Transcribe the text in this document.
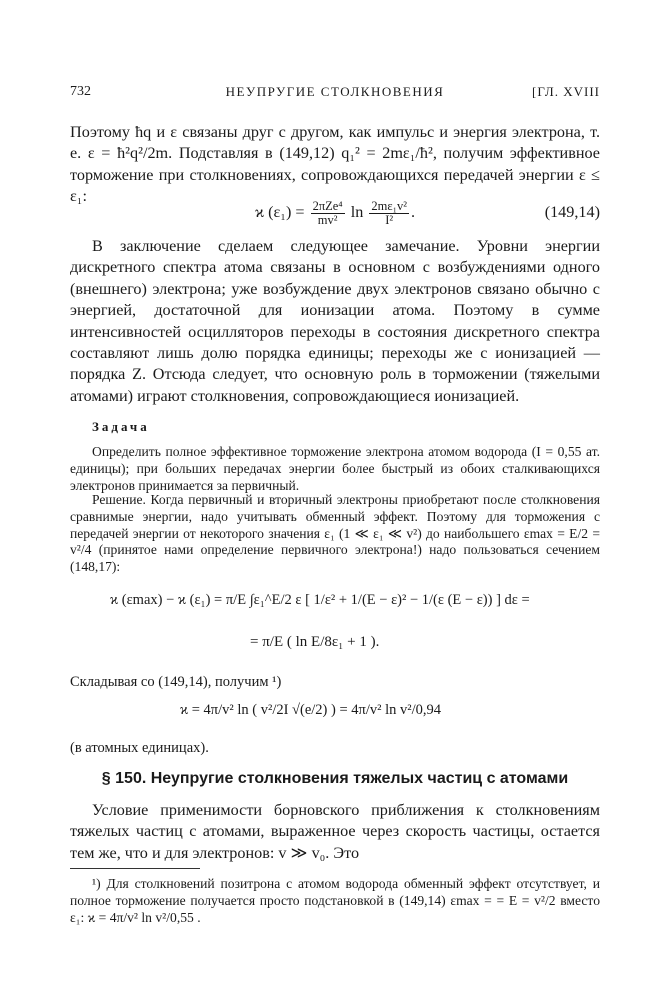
732	НЕУПРУГИЕ СТОЛКНОВЕНИЯ	[ГЛ. XVIII
Поэтому ħq и ε связаны друг с другом, как импульс и энергия электрона, т. е. ε = ħ²q²/2m. Подставляя в (149,12) q₁² = 2mε₁/ħ², получим эффективное торможение при столкновениях, сопровождающихся передачей энергии ε ≤ ε₁:
ϰ $(\varepsilon_1) = \frac{\text{2πZe⁴}}{\text{mv²}}$ $\ln \frac{\text{2mε₁v²}}{\text{I²}}$ .	(149,14)
В заключение сделаем следующее замечание. Уровни энергии дискретного спектра атома связаны в основном с возбуждениями одного (внешнего) электрона; уже возбуждение двух электронов связано обычно с энергией, достаточной для ионизации атома. Поэтому в сумме интенсивностей осцилляторов переходы в состояния дискретного спектра составляют лишь долю порядка единицы; переходы же с ионизацией — порядка Z. Отсюда следует, что основную роль в торможении (тяжелыми атомами) играют столкновения, сопровождающиеся ионизацией.
Задача
Определить полное эффективное торможение электрона атомом водорода (I = 0,55 ат. единицы); при больших передачах энергии более быстрый из обоих сталкивающихся электронов принимается за первичный.
Решение. Когда первичный и вторичный электроны приобретают после столкновения сравнимые энергии, надо учитывать обменный эффект. Поэтому для торможения с передачей энергии от некоторого значения ε₁ (1 ≪ ε₁ ≪ v²) до наибольшего εmax = E/2 = v²/4 (принятое нами определение первичного электрона!) надо пользоваться сечением (148,17):
ϰ (εmax) − ϰ (ε₁) = π/E ∫ε₁^E/2 ε [ 1/ε² + 1/(E − ε)² − 1/(ε (E − ε)) ] dε =
= π/E ( ln E/8ε₁ + 1 ).
Складывая со (149,14), получим ¹)
ϰ = 4π/v² ln ( v²/2I √(e/2) ) = 4π/v² ln v²/0,94
(в атомных единицах).
§ 150. Неупругие столкновения тяжелых частиц с атомами
Условие применимости борновского приближения к столкновениям тяжелых частиц с атомами, выраженное через скорость частицы, остается тем же, что и для электронов: v ≫ v₀. Это
¹) Для столкновений позитрона с атомом водорода обменный эффект отсутствует, и полное торможение получается просто подстановкой в (149,14) εmax = = E = v²/2 вместо ε₁: ϰ = 4π/v² ln v²/0,55 .
